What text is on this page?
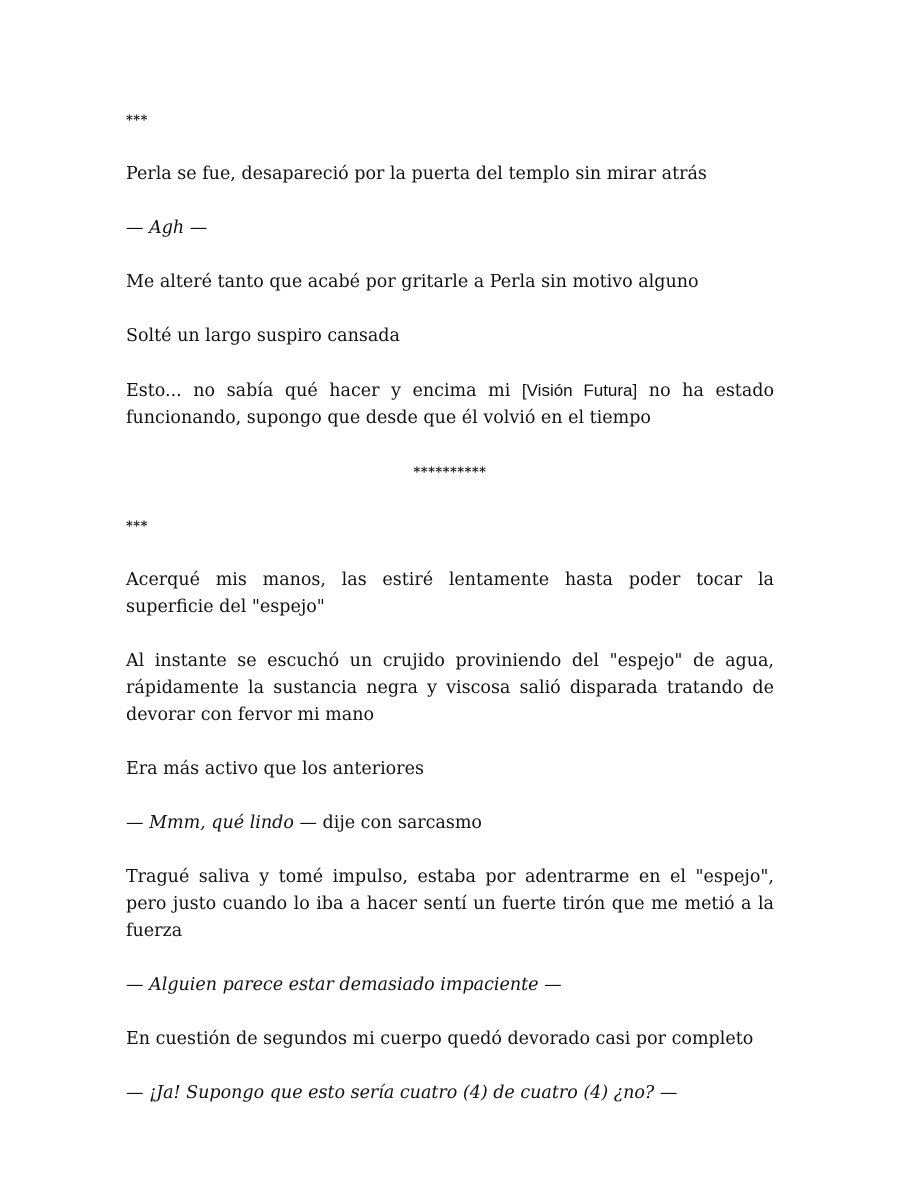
***

Perla se fue, desapareció por la puerta del templo sin mirar atrás

— Agh —

Me alteré tanto que acabé por gritarle a Perla sin motivo alguno

Solté un largo suspiro cansada

Esto... no sabía qué hacer y encima mi [Visión Futura] no ha estado funcionando, supongo que desde que él volvió en el tiempo

**********

***

Acerqué mis manos, las estiré lentamente hasta poder tocar la superficie del "espejo"

Al instante se escuchó un crujido proviniendo del "espejo" de agua, rápidamente la sustancia negra y viscosa salió disparada tratando de devorar con fervor mi mano

Era más activo que los anteriores

— Mmm, qué lindo — dije con sarcasmo

Tragué saliva y tomé impulso, estaba por adentrarme en el "espejo", pero justo cuando lo iba a hacer sentí un fuerte tirón que me metió a la fuerza

— Alguien parece estar demasiado impaciente —

En cuestión de segundos mi cuerpo quedó devorado casi por completo

— ¡Ja! Supongo que esto sería cuatro (4) de cuatro (4) ¿no? —
